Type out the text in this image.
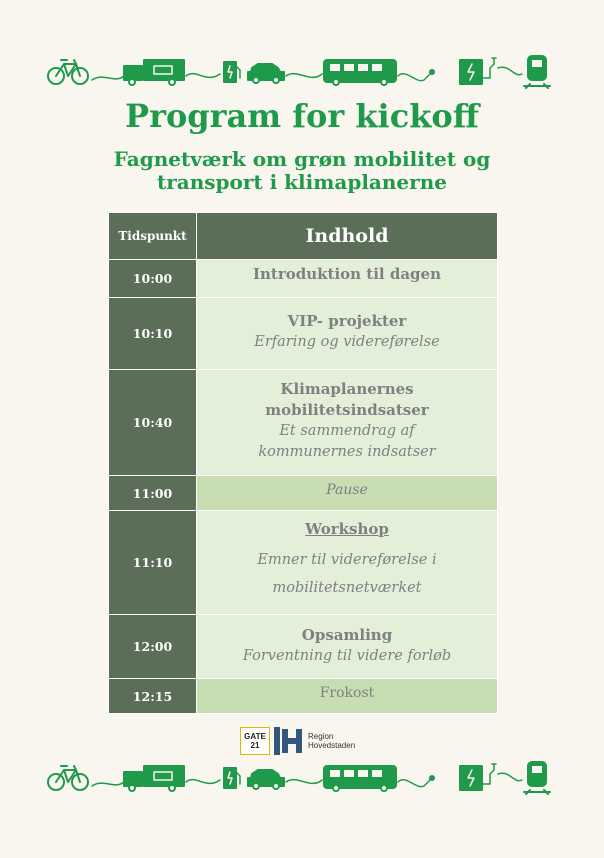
Program for kickoff
Fagnetværk om grøn mobilitet og transport i klimaplanerne
Tidspunkt	Indhold
10:00	Introduktion til dagen

10:10	VIP- projekter
Erfaring og videreførelse

10:40	Klimaplanernes mobilitetsindsatser
Et sammendrag af kommunernes indsatser

11:00	Pause

11:10	Workshop
Emner til videreførelse i mobilitetsnetværket

12:00	Opsamling
Forventning til videre forløb

12:15	Frokost
GATE
21
Region
Hovedstaden
